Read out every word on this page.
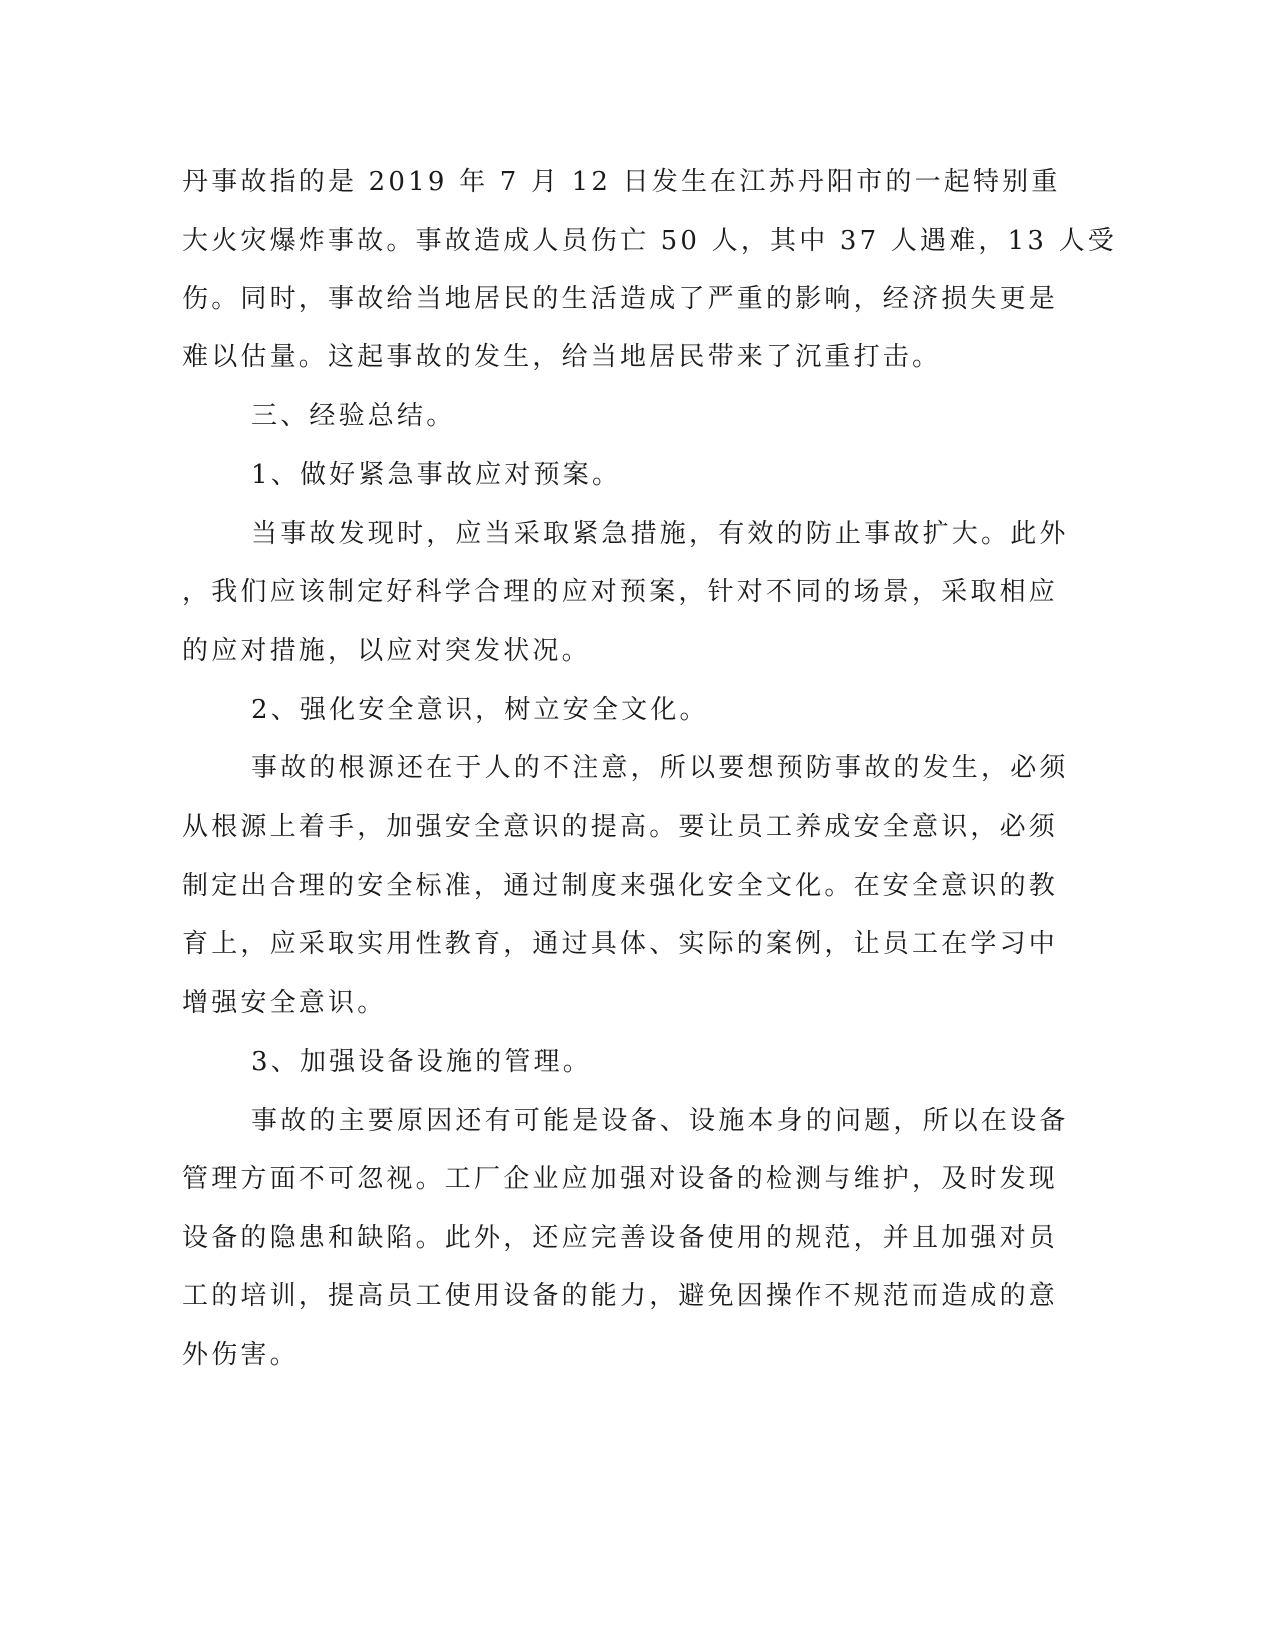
丹事故指的是 2019 年 7 月 12 日发生在江苏丹阳市的一起特别重
大火灾爆炸事故。事故造成人员伤亡 50 人，其中 37 人遇难，13 人受
伤。同时，事故给当地居民的生活造成了严重的影响，经济损失更是
难以估量。这起事故的发生，给当地居民带来了沉重打击。
三、经验总结。
1、做好紧急事故应对预案。
当事故发现时，应当采取紧急措施，有效的防止事故扩大。此外
，我们应该制定好科学合理的应对预案，针对不同的场景，采取相应
的应对措施，以应对突发状况。
2、强化安全意识，树立安全文化。
事故的根源还在于人的不注意，所以要想预防事故的发生，必须
从根源上着手，加强安全意识的提高。要让员工养成安全意识，必须
制定出合理的安全标准，通过制度来强化安全文化。在安全意识的教
育上，应采取实用性教育，通过具体、实际的案例，让员工在学习中
增强安全意识。
3、加强设备设施的管理。
事故的主要原因还有可能是设备、设施本身的问题，所以在设备
管理方面不可忽视。工厂企业应加强对设备的检测与维护，及时发现
设备的隐患和缺陷。此外，还应完善设备使用的规范，并且加强对员
工的培训，提高员工使用设备的能力，避免因操作不规范而造成的意
外伤害。
